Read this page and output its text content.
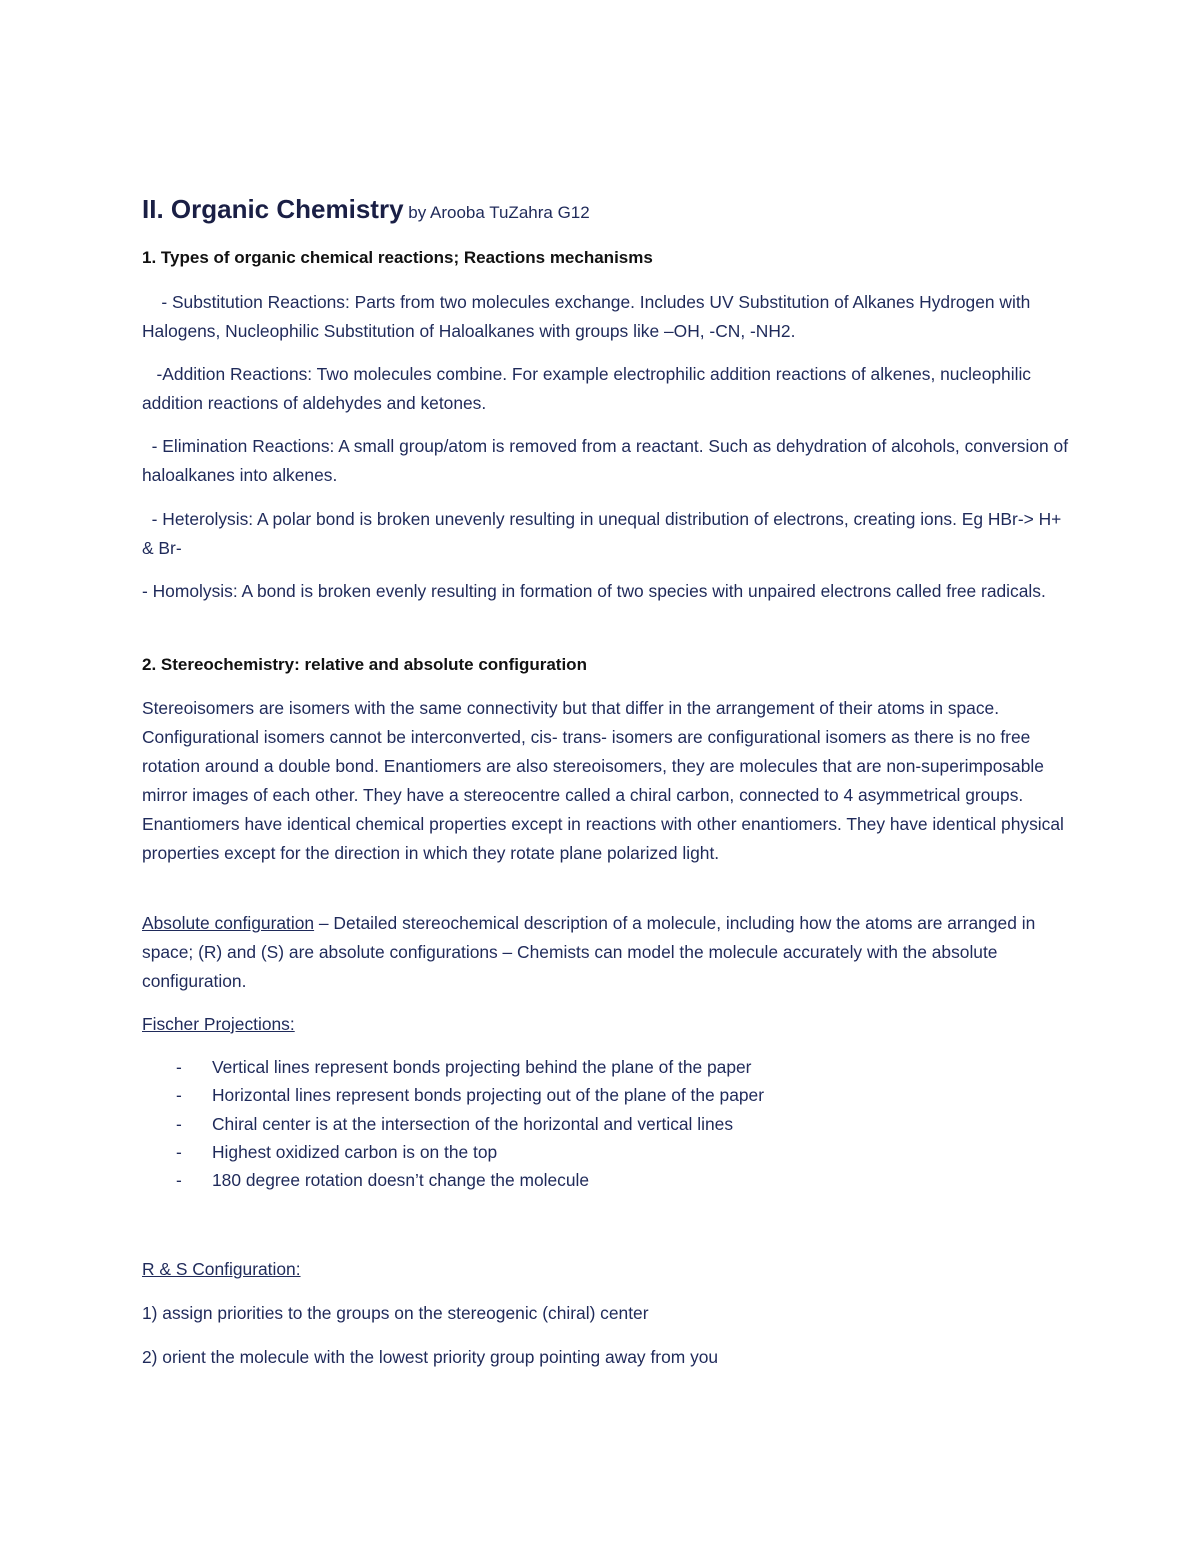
II. Organic Chemistry by Arooba TuZahra G12
1. Types of organic chemical reactions; Reactions mechanisms
- Substitution Reactions: Parts from two molecules exchange. Includes UV Substitution of Alkanes Hydrogen with Halogens, Nucleophilic Substitution of Haloalkanes with groups like –OH, -CN, -NH2.
-Addition Reactions: Two molecules combine. For example electrophilic addition reactions of alkenes, nucleophilic addition reactions of aldehydes and ketones.
- Elimination Reactions: A small group/atom is removed from a reactant. Such as dehydration of alcohols, conversion of haloalkanes into alkenes.
- Heterolysis: A polar bond is broken unevenly resulting in unequal distribution of electrons, creating ions. Eg HBr-> H+ & Br-
- Homolysis: A bond is broken evenly resulting in formation of two species with unpaired electrons called free radicals.
2. Stereochemistry: relative and absolute configuration
Stereoisomers are isomers with the same connectivity but that differ in the arrangement of their atoms in space. Configurational isomers cannot be interconverted, cis- trans- isomers are configurational isomers as there is no free rotation around a double bond. Enantiomers are also stereoisomers, they are molecules that are non-superimposable mirror images of each other. They have a stereocentre called a chiral carbon, connected to 4 asymmetrical groups. Enantiomers have identical chemical properties except in reactions with other enantiomers. They have identical physical properties except for the direction in which they rotate plane polarized light.
Absolute configuration – Detailed stereochemical description of a molecule, including how the atoms are arranged in space; (R) and (S) are absolute configurations – Chemists can model the molecule accurately with the absolute configuration.
Fischer Projections:
-	Vertical lines represent bonds projecting behind the plane of the paper
-	Horizontal lines represent bonds projecting out of the plane of the paper
-	Chiral center is at the intersection of the horizontal and vertical lines
-	Highest oxidized carbon is on the top
-	180 degree rotation doesn’t change the molecule
R & S Configuration:
1) assign priorities to the groups on the stereogenic (chiral) center
2) orient the molecule with the lowest priority group pointing away from you
